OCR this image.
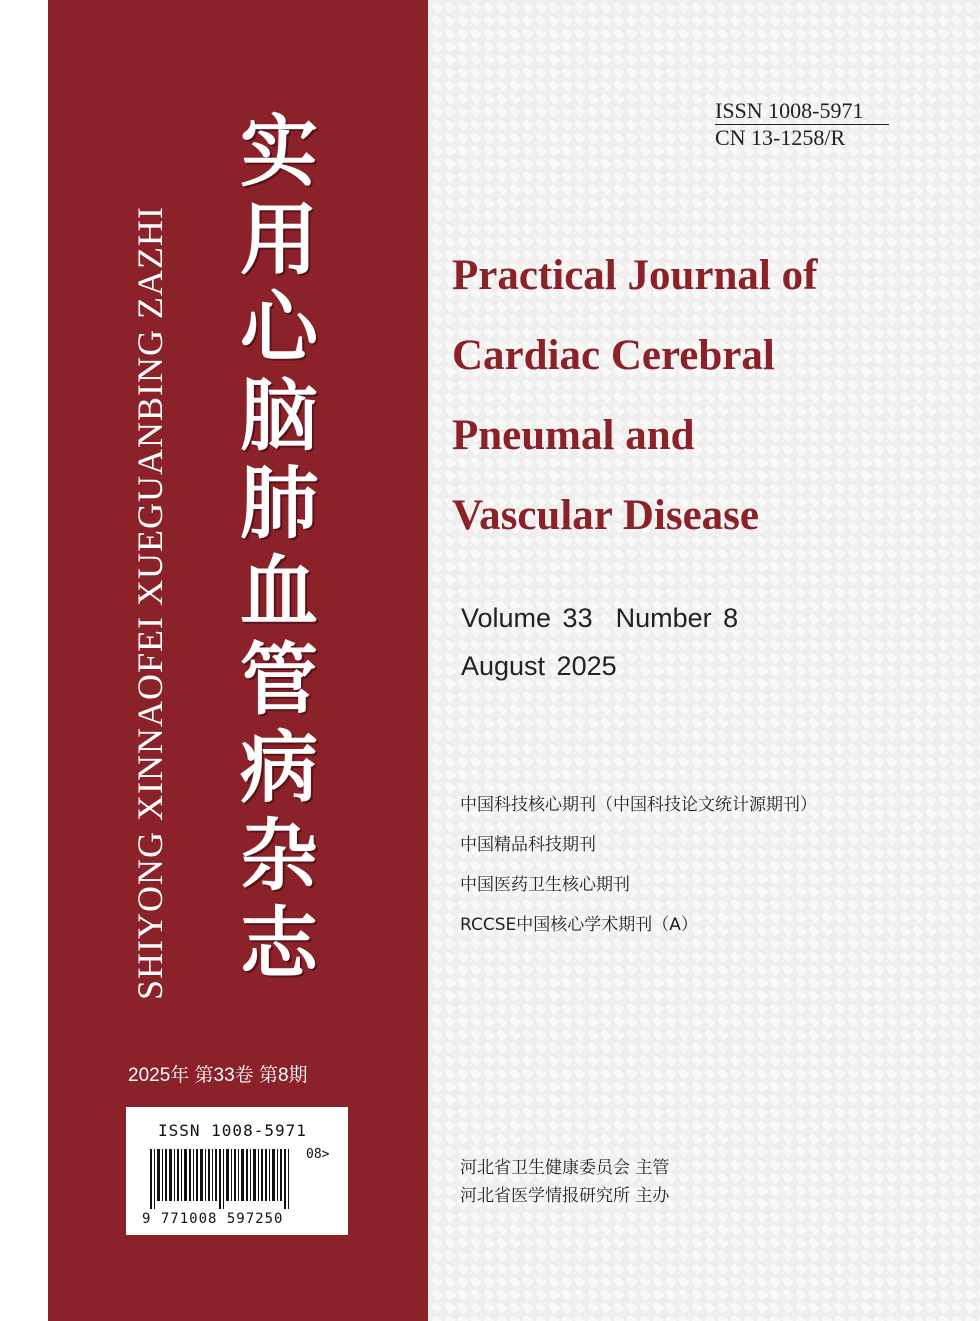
SHIYONG XINNAOFEI XUEGUANBING ZAZHI 实用心脑肺血管病杂志
2025年 第33卷 第8期
ISSN 1008-5971
08>
9 771008 597250
ISSN 1008-5971
CN 13-1258/R
Practical Journal of
Cardiac Cerebral
Pneumal and
Vascular Disease
Volume 33  Number 8
August 2025
中国科技核心期刊（中国科技论文统计源期刊）
中国精品科技期刊
中国医药卫生核心期刊
RCCSE中国核心学术期刊（A）
河北省卫生健康委员会 主管
河北省医学情报研究所 主办
